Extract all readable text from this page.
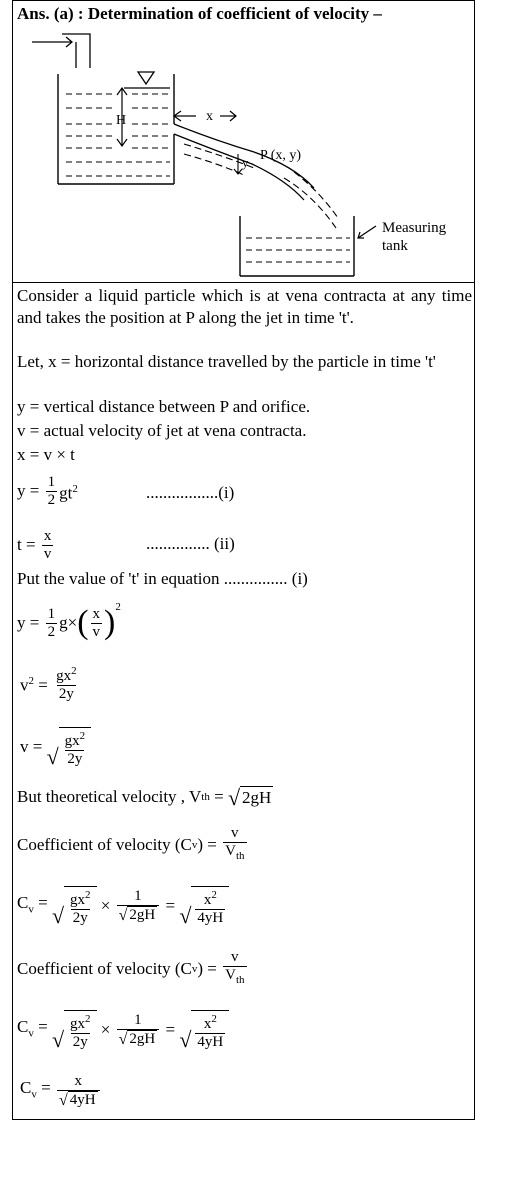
Ans. (a) : Determination of coefficient of velocity –
H	x
y P (x, y)
Measuring
tank
Consider a liquid particle which is at vena contracta at any time and takes the position at P along the jet in time 't'.
Let, x = horizontal distance travelled by the particle in time 't'
y = vertical distance between P and orifice.
v = actual velocity of jet at vena contracta.
x = v × t
$y = \frac{1}{2} gt^2$	.................(i)
$t = \frac{x}{v}$	............... (ii)
Put the value of 't' in equation ............... (i)
$y = \frac{1}{2} g\times$ ( $\frac{x}{v} )^2$
$v^2 = \frac{gx^2}{2y}$
v = √ $\frac{gx^2}{2y}$
But theoretical velocity , V th = √ 2gH
Coefficient of velocity (C v ) =
$\frac{v}{V_{th}}$
$C_v$ =
√ $\frac{gx^2}{2y} \times \frac{1}{√ 2gH}$ = √ $\frac{x^2}{4yH}$
Coefficient of velocity (C v ) =
$\frac{v}{V_{th}}$
$C_v$ =
√ $\frac{gx^2}{2y} \times \frac{1}{√ 2gH}$ = √ $\frac{x^2}{4yH}$
$C_v = \frac{x}{√ 4yH}$
